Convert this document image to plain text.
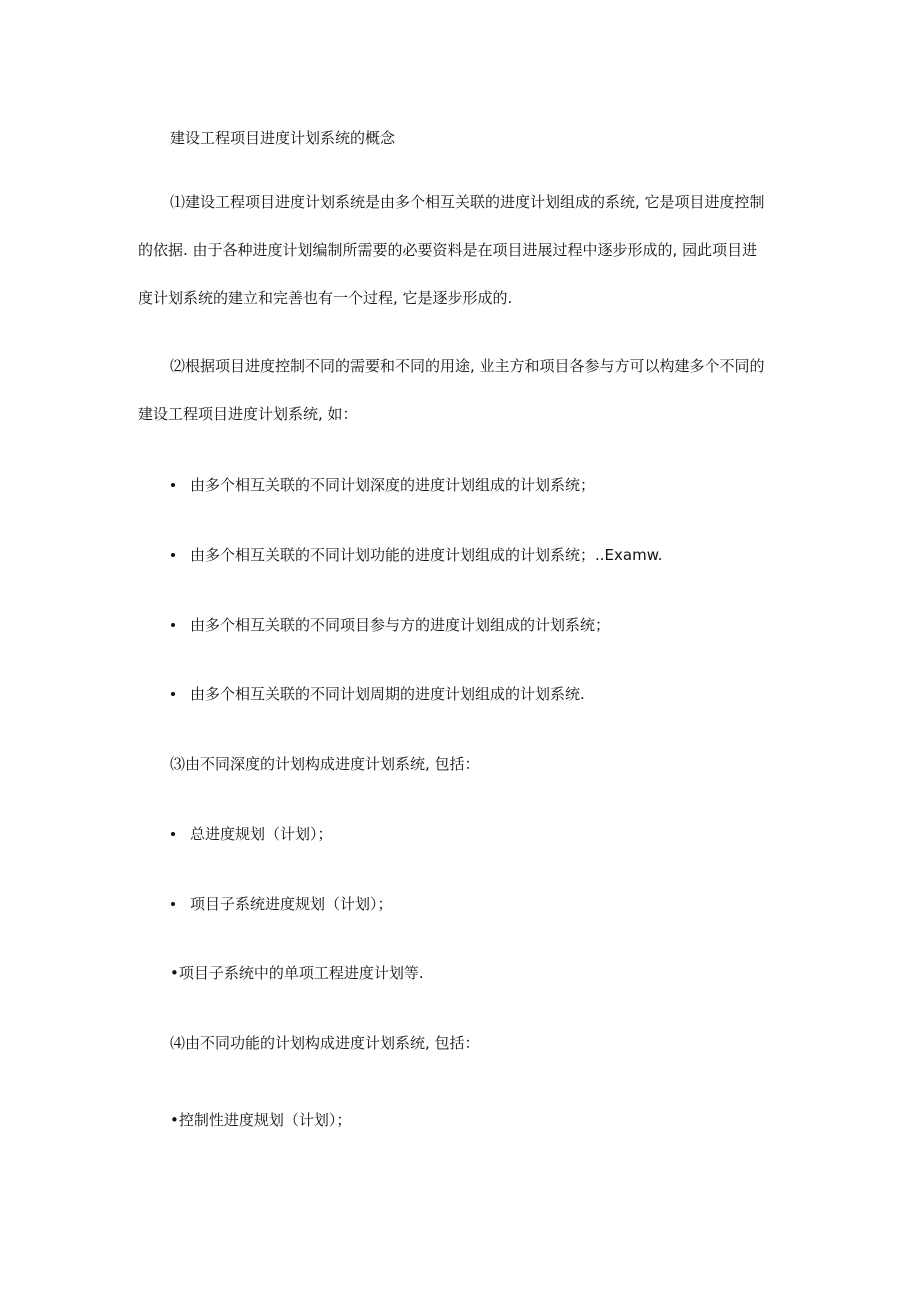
建设工程项目进度计划系统的概念
⑴建设工程项目进度计划系统是由多个相互关联的进度计划组成的系统, 它是项目进度控制
的依据. 由于各种进度计划编制所需要的必要资料是在项目进展过程中逐步形成的, 园此项目进
度计划系统的建立和完善也有一个过程, 它是逐步形成的.
⑵根据项目进度控制不同的需要和不同的用途, 业主方和项目各参与方可以构建多个不同的
建设工程项目进度计划系统, 如：
由多个相互关联的不同计划深度的进度计划组成的计划系统；
由多个相互关联的不同计划功能的进度计划组成的计划系统；..Examw.
由多个相互关联的不同项目参与方的进度计划组成的计划系统；
由多个相互关联的不同计划周期的进度计划组成的计划系统.
⑶由不同深度的计划构成进度计划系统, 包括：
总进度规划（计划）；
项目子系统进度规划（计划）；
•项目子系统中的单项工程进度计划等.
⑷由不同功能的计划构成进度计划系统, 包括：
•控制性进度规划（计划）；
